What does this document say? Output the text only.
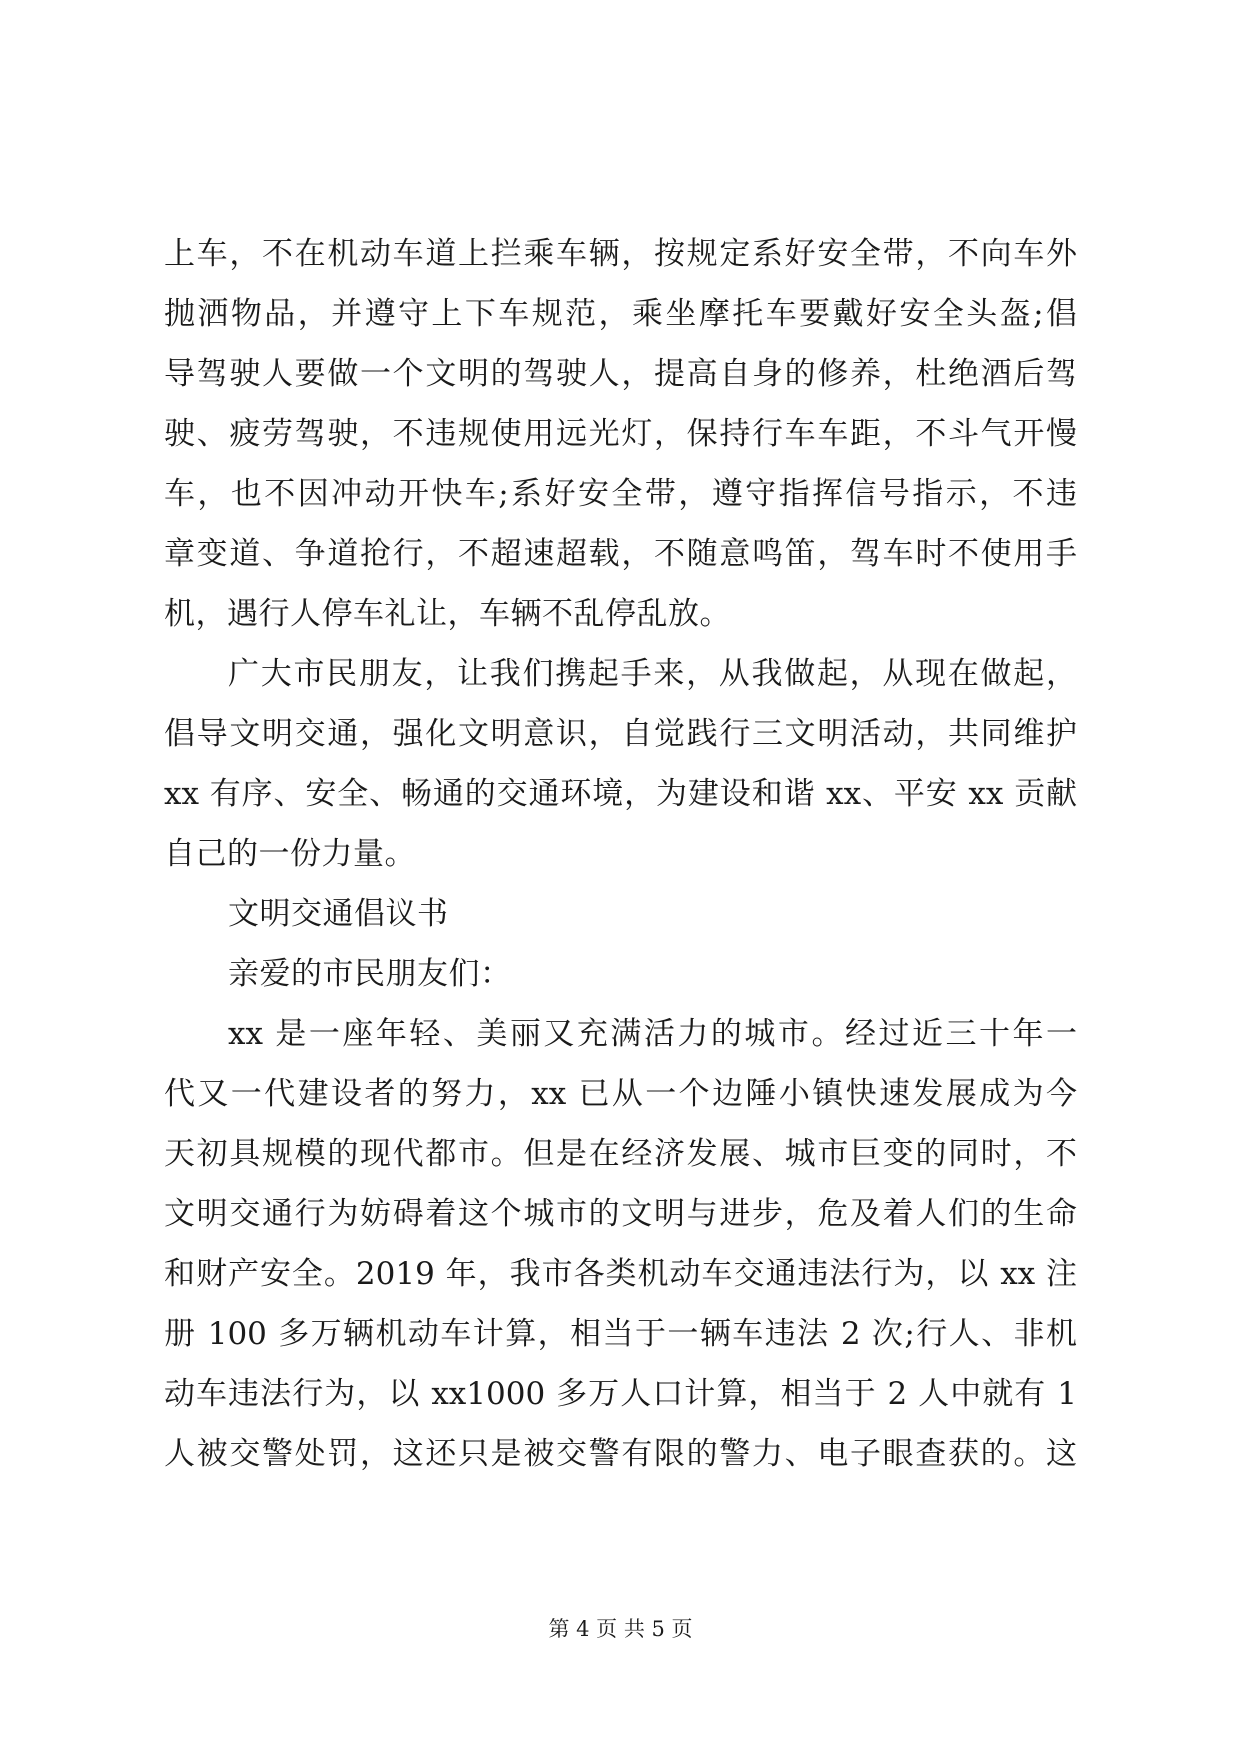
上车，不在机动车道上拦乘车辆，按规定系好安全带，不向车外
抛洒物品，并遵守上下车规范，乘坐摩托车要戴好安全头盔;倡
导驾驶人要做一个文明的驾驶人，提高自身的修养，杜绝酒后驾
驶、疲劳驾驶，不违规使用远光灯，保持行车车距，不斗气开慢
车，也不因冲动开快车;系好安全带，遵守指挥信号指示，不违
章变道、争道抢行，不超速超载，不随意鸣笛，驾车时不使用手
机，遇行人停车礼让，车辆不乱停乱放。
广大市民朋友，让我们携起手来，从我做起，从现在做起，
倡导文明交通，强化文明意识，自觉践行三文明活动，共同维护
xx 有序、安全、畅通的交通环境，为建设和谐 xx、平安 xx 贡献
自己的一份力量。
文明交通倡议书
亲爱的市民朋友们：
xx 是一座年轻、美丽又充满活力的城市。经过近三十年一
代又一代建设者的努力，xx 已从一个边陲小镇快速发展成为今
天初具规模的现代都市。但是在经济发展、城市巨变的同时，不
文明交通行为妨碍着这个城市的文明与进步，危及着人们的生命
和财产安全。2019 年，我市各类机动车交通违法行为，以 xx 注
册 100 多万辆机动车计算，相当于一辆车违法 2 次;行人、非机
动车违法行为，以 xx1000 多万人口计算，相当于 2 人中就有 1
人被交警处罚，这还只是被交警有限的警力、电子眼查获的。这
第 4 页 共 5 页
